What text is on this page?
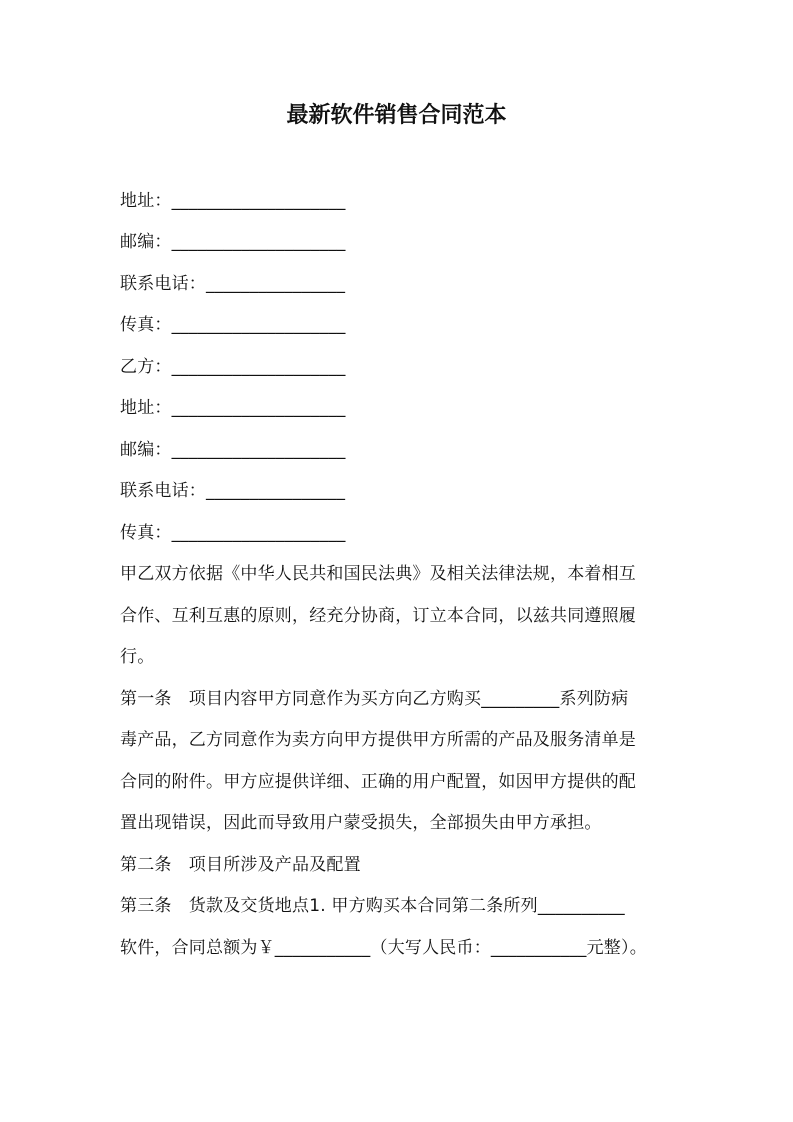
最新软件销售合同范本
地址：____________________
邮编：____________________
联系电话：________________
传真：____________________
乙方：____________________
地址：____________________
邮编：____________________
联系电话：________________
传真：____________________
甲乙双方依据《中华人民共和国民法典》及相关法律法规，本着相互
合作、互利互惠的原则，经充分协商，订立本合同，以兹共同遵照履
行。
第一条　项目内容甲方同意作为买方向乙方购买_________系列防病
毒产品，乙方同意作为卖方向甲方提供甲方所需的产品及服务清单是
合同的附件。甲方应提供详细、正确的用户配置，如因甲方提供的配
置出现错误，因此而导致用户蒙受损失，全部损失由甲方承担。
第二条　项目所涉及产品及配置
第三条　货款及交货地点1. 甲方购买本合同第二条所列__________
软件，合同总额为￥___________（大写人民币：___________元整）。
